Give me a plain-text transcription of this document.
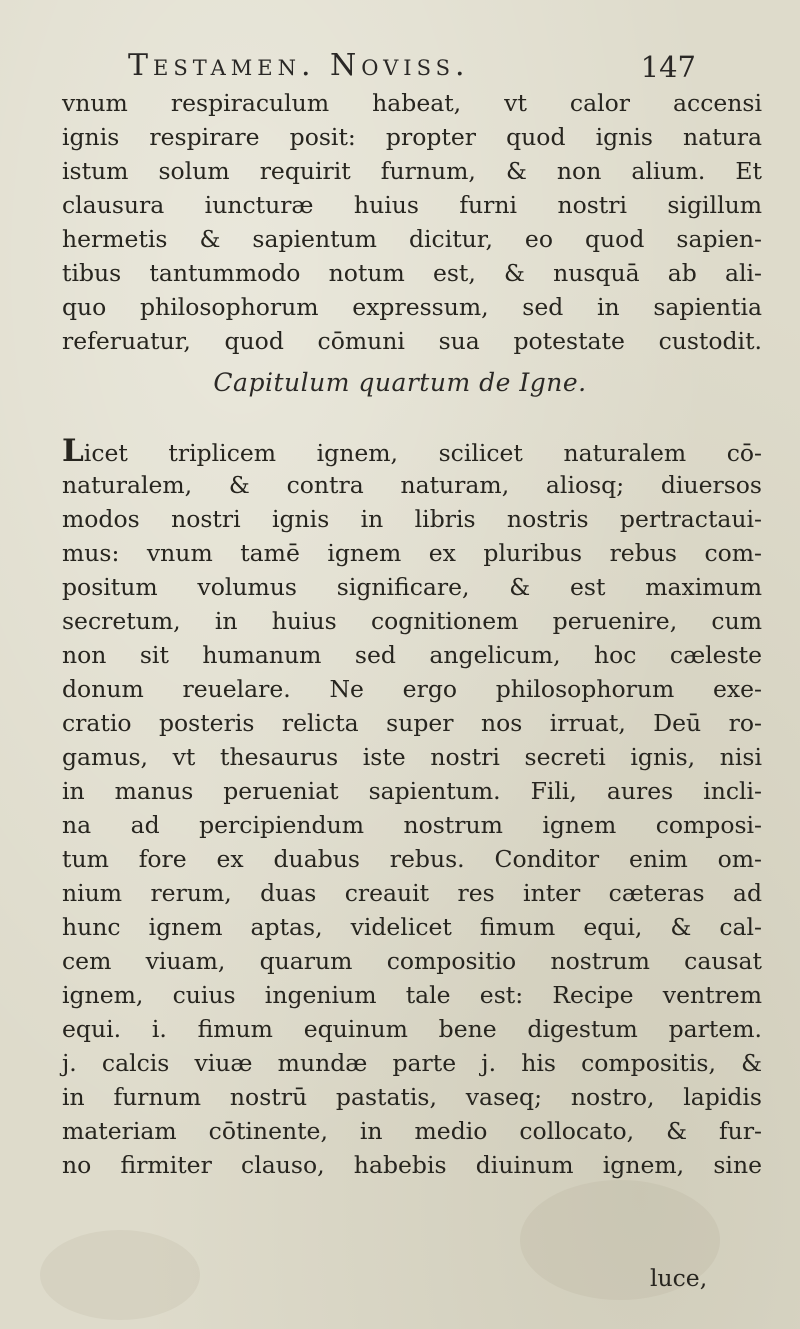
Testamen. Noviss.	147
vnum respiraculum habeat, vt calor accensi
ignis respirare posit: propter quod ignis natura
istum solum requirit furnum, & non alium. Et
clausura iuncturæ huius furni nostri sigillum
hermetis & sapientum dicitur, eo quod sapien-
tibus tantummodo notum est, & nusquā ab ali-
quo philosophorum expressum, sed in sapientia
referuatur, quod cōmuni sua potestate custodit.
Capitulum quartum de Igne.
Licet triplicem ignem, scilicet naturalem cō-
naturalem, & contra naturam, aliosq; diuersos
modos nostri ignis in libris nostris pertractaui-
mus: vnum tamē ignem ex pluribus rebus com-
positum volumus significare, & est maximum
secretum, in huius cognitionem peruenire, cum
non sit humanum sed angelicum, hoc cæleste
donum reuelare. Ne ergo philosophorum exe-
cratio posteris relicta super nos irruat, Deū ro-
gamus, vt thesaurus iste nostri secreti ignis, nisi
in manus perueniat sapientum. Fili, aures incli-
na ad percipiendum nostrum ignem composi-
tum fore ex duabus rebus. Conditor enim om-
nium rerum, duas creauit res inter cæteras ad
hunc ignem aptas, videlicet fimum equi, & cal-
cem viuam, quarum compositio nostrum causat
ignem, cuius ingenium tale est: Recipe ventrem
equi. i. fimum equinum bene digestum partem.
j. calcis viuæ mundæ parte j. his compositis, &
in furnum nostrū pastatis, vaseq; nostro, lapidis
materiam cōtinente, in medio collocato, & fur-
no firmiter clauso, habebis diuinum ignem, sine
luce,
